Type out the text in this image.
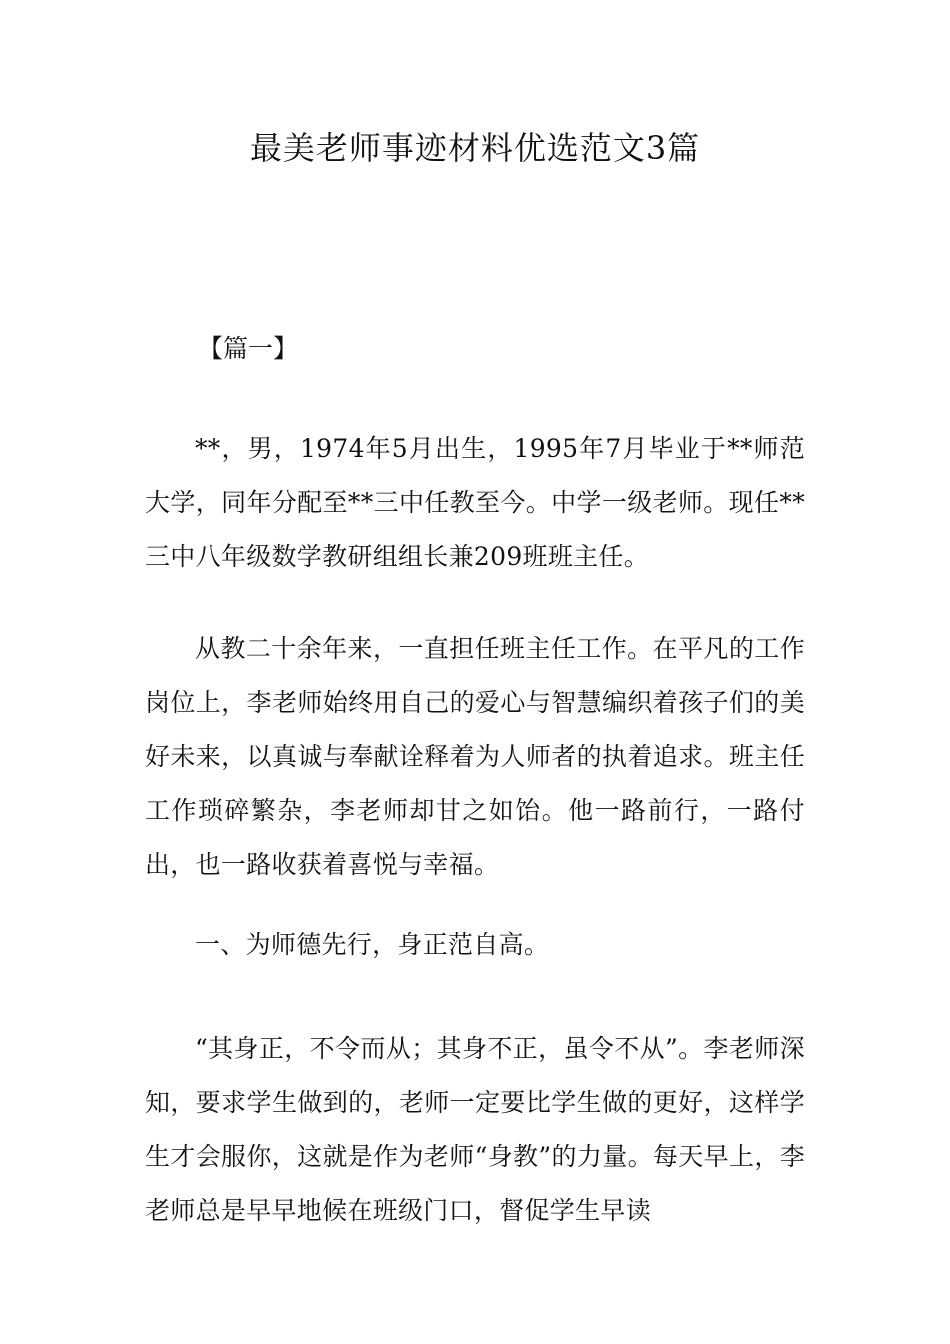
最美老师事迹材料优选范文3篇

【篇一】

**，男，1974年5月出生，1995年7月毕业于**师范大学，同年分配至**三中任教至今。中学一级老师。现任**三中八年级数学教研组组长兼209班班主任。

从教二十余年来，一直担任班主任工作。在平凡的工作岗位上，李老师始终用自己的爱心与智慧编织着孩子们的美好未来，以真诚与奉献诠释着为人师者的执着追求。班主任工作琐碎繁杂，李老师却甘之如饴。他一路前行，一路付出，也一路收获着喜悦与幸福。

一、为师德先行，身正范自高。

“其身正，不令而从；其身不正，虽令不从”。李老师深知，要求学生做到的，老师一定要比学生做的更好，这样学生才会服你，这就是作为老师“身教”的力量。每天早上，李老师总是早早地候在班级门口，督促学生早读
